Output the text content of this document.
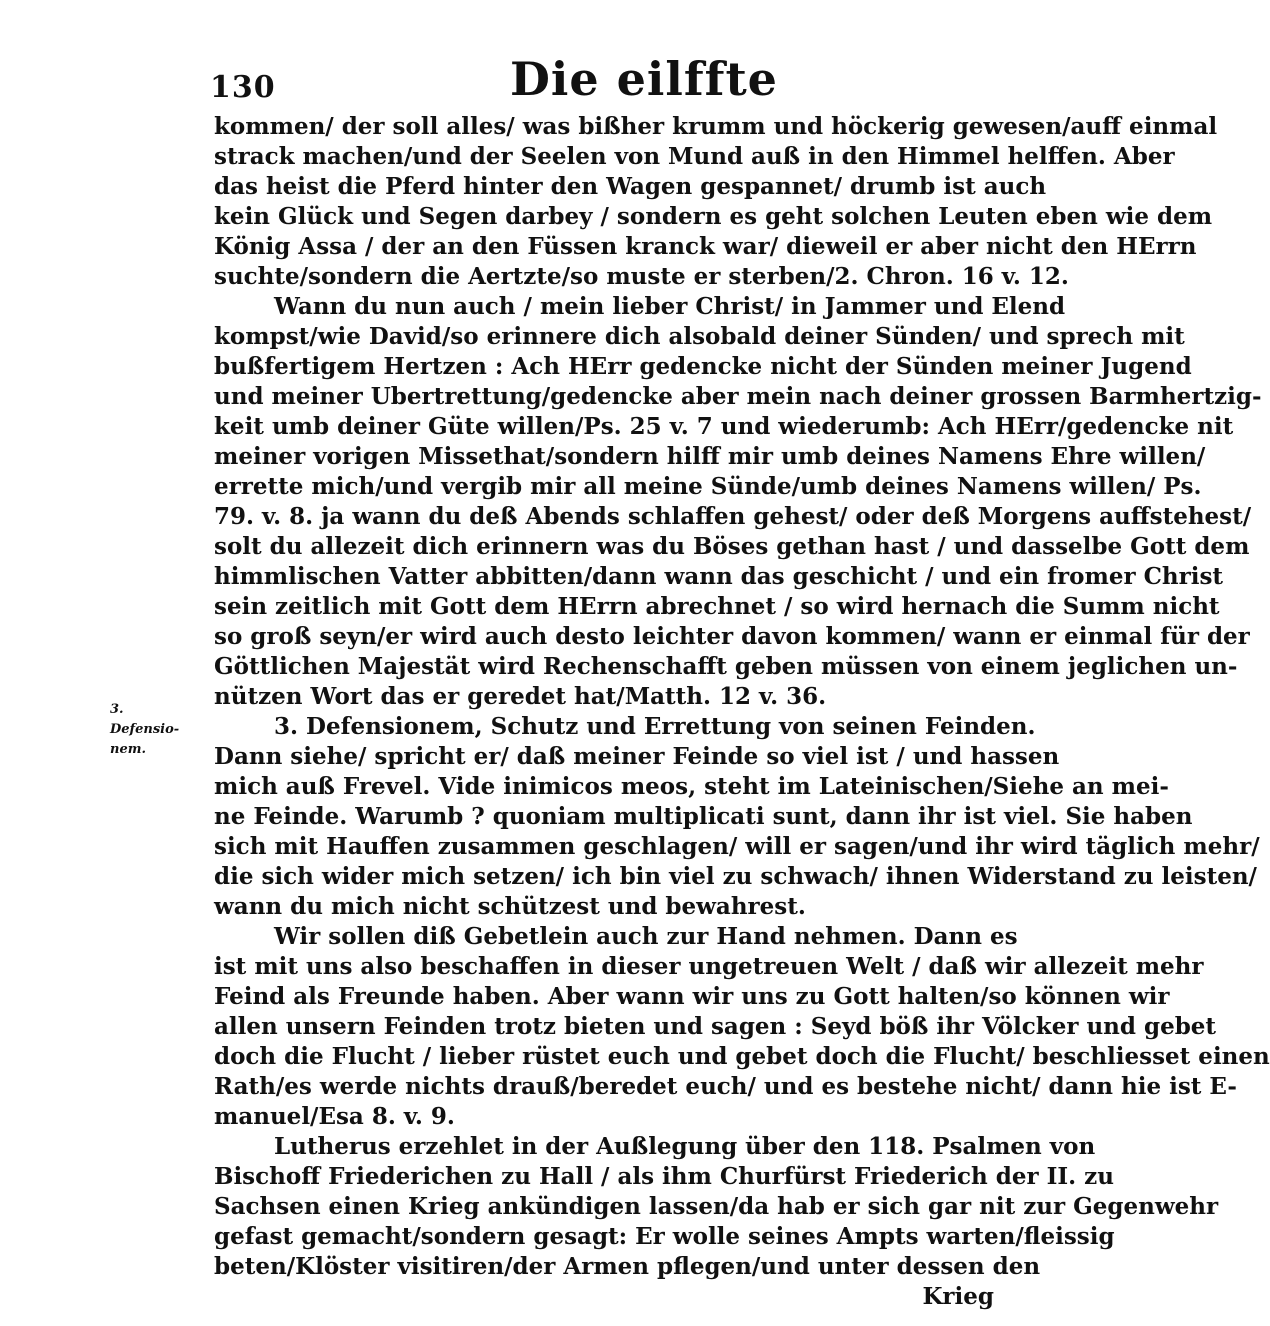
130	Die eilffte
3. Defensio-
nem.
kommen/ der soll alles/ was bißher krumm und höckerig gewesen/auff einmal
strack machen/und der Seelen von Mund auß in den Himmel helffen. Aber
das heist die Pferd hinter den Wagen gespannet/ drumb ist auch
kein Glück und Segen darbey / sondern es geht solchen Leuten eben wie dem
König Assa / der an den Füssen kranck war/ dieweil er aber nicht den HErrn
suchte/sondern die Aertzte/so muste er sterben/2. Chron. 16 v. 12.
Wann du nun auch / mein lieber Christ/ in Jammer und Elend
kompst/wie David/so erinnere dich alsobald deiner Sünden/ und sprech mit
bußfertigem Hertzen : Ach HErr gedencke nicht der Sünden meiner Jugend
und meiner Ubertrettung/gedencke aber mein nach deiner grossen Barmhertzig-
keit umb deiner Güte willen/Ps. 25 v. 7 und wiederumb: Ach HErr/gedencke nit
meiner vorigen Missethat/sondern hilff mir umb deines Namens Ehre willen/
errette mich/und vergib mir all meine Sünde/umb deines Namens willen/ Ps.
79. v. 8. ja wann du deß Abends schlaffen gehest/ oder deß Morgens auffstehest/
solt du allezeit dich erinnern was du Böses gethan hast / und dasselbe Gott dem
himmlischen Vatter abbitten/dann wann das geschicht / und ein fromer Christ
sein zeitlich mit Gott dem HErrn abrechnet / so wird hernach die Summ nicht
so groß seyn/er wird auch desto leichter davon kommen/ wann er einmal für der
Göttlichen Majestät wird Rechenschafft geben müssen von einem jeglichen un-
nützen Wort das er geredet hat/Matth. 12 v. 36.
3. Defensionem, Schutz und Errettung von seinen Feinden.
Dann siehe/ spricht er/ daß meiner Feinde so viel ist / und hassen
mich auß Frevel. Vide inimicos meos, steht im Lateinischen/Siehe an mei-
ne Feinde. Warumb ? quoniam multiplicati sunt, dann ihr ist viel. Sie haben
sich mit Hauffen zusammen geschlagen/ will er sagen/und ihr wird täglich mehr/
die sich wider mich setzen/ ich bin viel zu schwach/ ihnen Widerstand zu leisten/
wann du mich nicht schützest und bewahrest.
Wir sollen diß Gebetlein auch zur Hand nehmen. Dann es
ist mit uns also beschaffen in dieser ungetreuen Welt / daß wir allezeit mehr
Feind als Freunde haben. Aber wann wir uns zu Gott halten/so können wir
allen unsern Feinden trotz bieten und sagen : Seyd böß ihr Völcker und gebet
doch die Flucht / lieber rüstet euch und gebet doch die Flucht/ beschliesset einen
Rath/es werde nichts drauß/beredet euch/ und es bestehe nicht/ dann hie ist E-
manuel/Esa 8. v. 9.
Lutherus erzehlet in der Außlegung über den 118. Psalmen von
Bischoff Friederichen zu Hall / als ihm Churfürst Friederich der II. zu
Sachsen einen Krieg ankündigen lassen/da hab er sich gar nit zur Gegenwehr
gefast gemacht/sondern gesagt: Er wolle seines Ampts warten/fleissig
beten/Klöster visitiren/der Armen pflegen/und unter dessen den
Krieg
